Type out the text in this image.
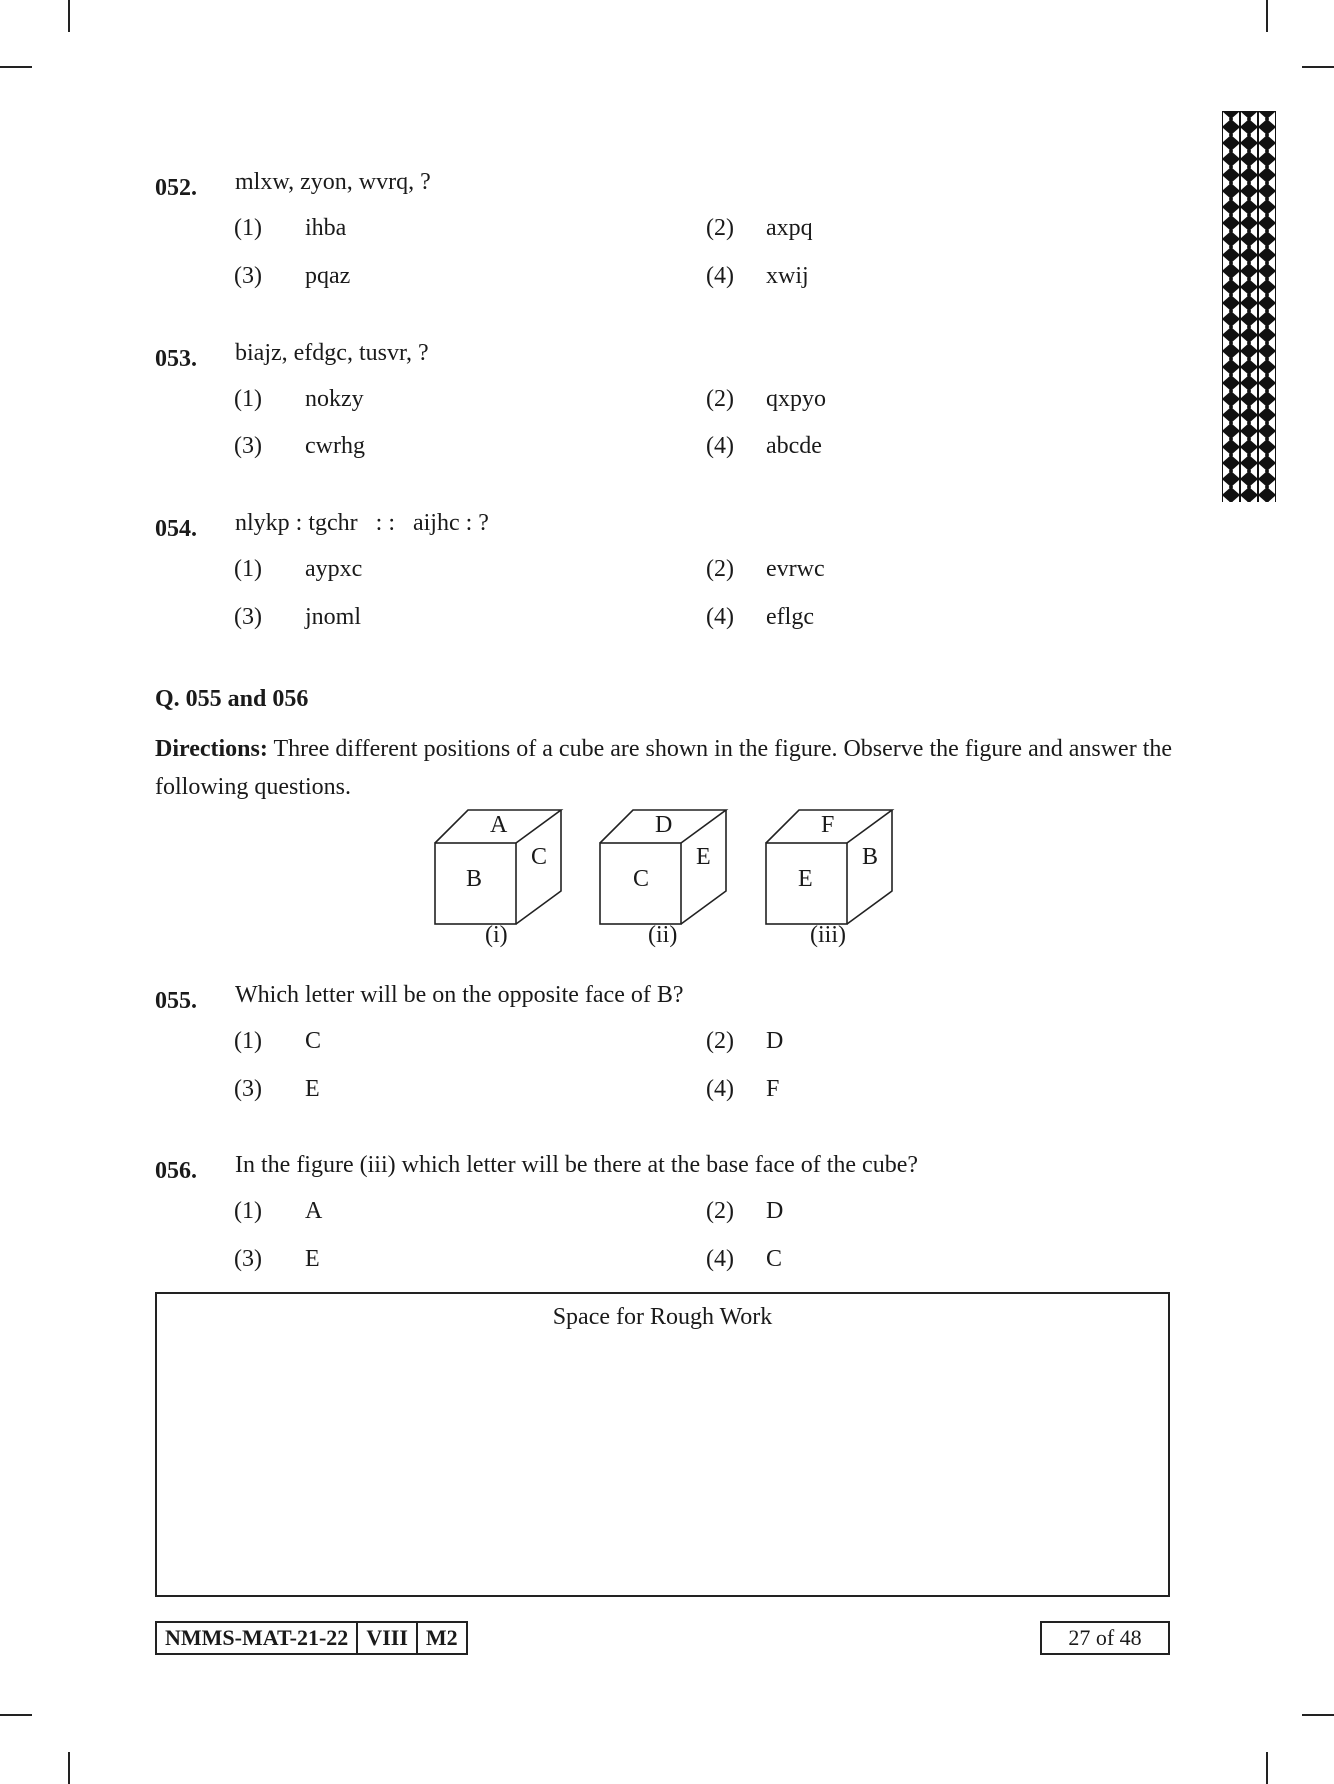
052. mlxw, zyon, wvrq, ?
(1) ihba	(2) axpq
(3) pqaz	(4) xwij
053. biajz, efdgc, tusvr, ?
(1) nokzy	(2) qxpyo
(3) cwrhg	(4) abcde
054. nlykp : tgchr   : :   aijhc : ?
(1) aypxc	(2) evrwc
(3) jnoml	(4) eflgc
Q. 055 and 056
Directions: Three different positions of a cube are shown in the figure. Observe the figure and answer the following questions.
A
B
C
(i)
D
C
E
(ii)
F
E
B
(iii)
055. Which letter will be on the opposite face of B?
(1) C	(2) D
(3) E	(4) F
056. In the figure (iii) which letter will be there at the base face of the cube?
(1) A	(2) D
(3) E	(4) C
Space for Rough Work
NMMS-MAT-21-22 VIII M2	27 of 48
